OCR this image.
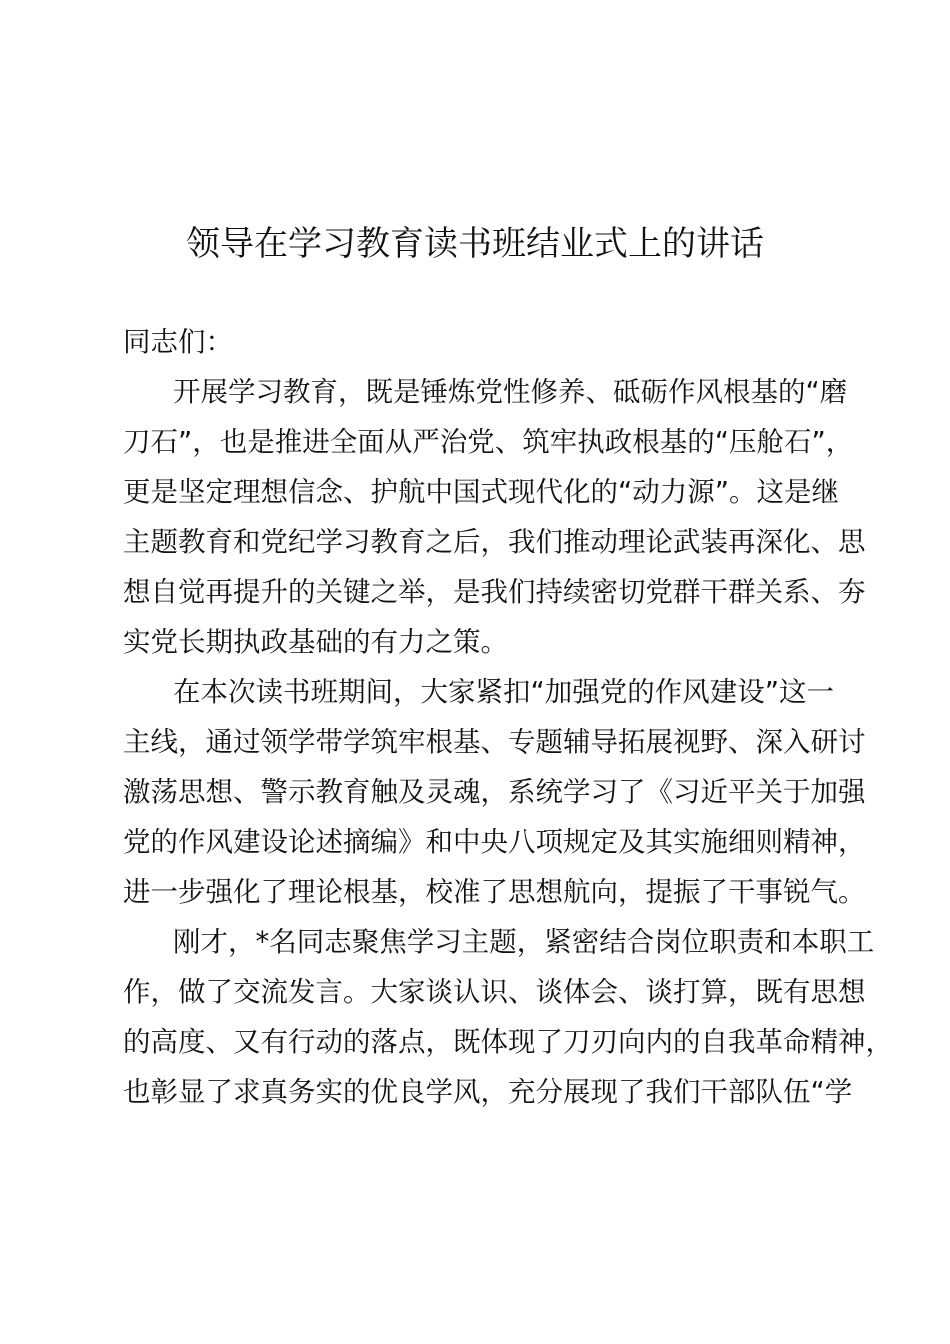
领导在学习教育读书班结业式上的讲话

同志们：

开展学习教育，既是锤炼党性修养、砥砺作风根基的“磨

刀石”，也是推进全面从严治党、筑牢执政根基的“压舱石”，

更是坚定理想信念、护航中国式现代化的“动力源”。这是继

主题教育和党纪学习教育之后，我们推动理论武装再深化、思

想自觉再提升的关键之举，是我们持续密切党群干群关系、夯

实党长期执政基础的有力之策。

在本次读书班期间，大家紧扣“加强党的作风建设”这一

主线，通过领学带学筑牢根基、专题辅导拓展视野、深入研讨

激荡思想、警示教育触及灵魂，系统学习了《习近平关于加强

党的作风建设论述摘编》和中央八项规定及其实施细则精神，

进一步强化了理论根基，校准了思想航向，提振了干事锐气。

刚才，*名同志聚焦学习主题，紧密结合岗位职责和本职工

作，做了交流发言。大家谈认识、谈体会、谈打算，既有思想

的高度、又有行动的落点，既体现了刀刃向内的自我革命精神，

也彰显了求真务实的优良学风，充分展现了我们干部队伍“学
